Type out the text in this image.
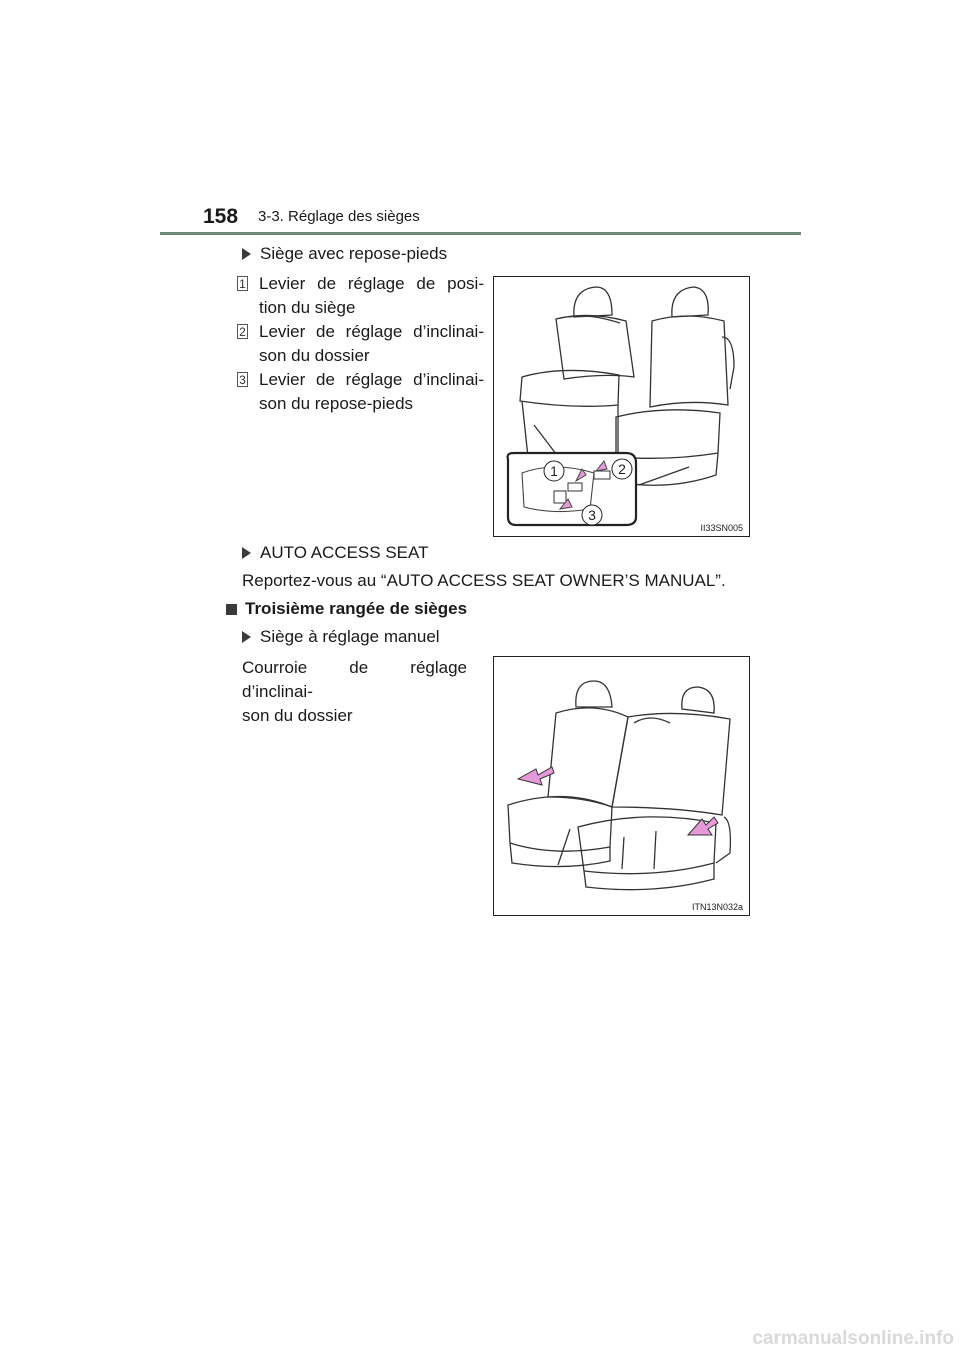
158 3-3. Réglage des sièges
Siège avec repose-pieds
1 Levier de réglage de posi-
tion du siège
2 Levier de réglage d’inclinai-
son du dossier
3 Levier de réglage d’inclinai-
son du repose-pieds
1	2
3
II33SN005
AUTO ACCESS SEAT
Reportez-vous au “AUTO ACCESS SEAT OWNER’S MANUAL”.
Troisième rangée de sièges
Siège à réglage manuel
Courroie de réglage d’inclinai-
son du dossier
ITN13N032a
carmanualsonline.info
